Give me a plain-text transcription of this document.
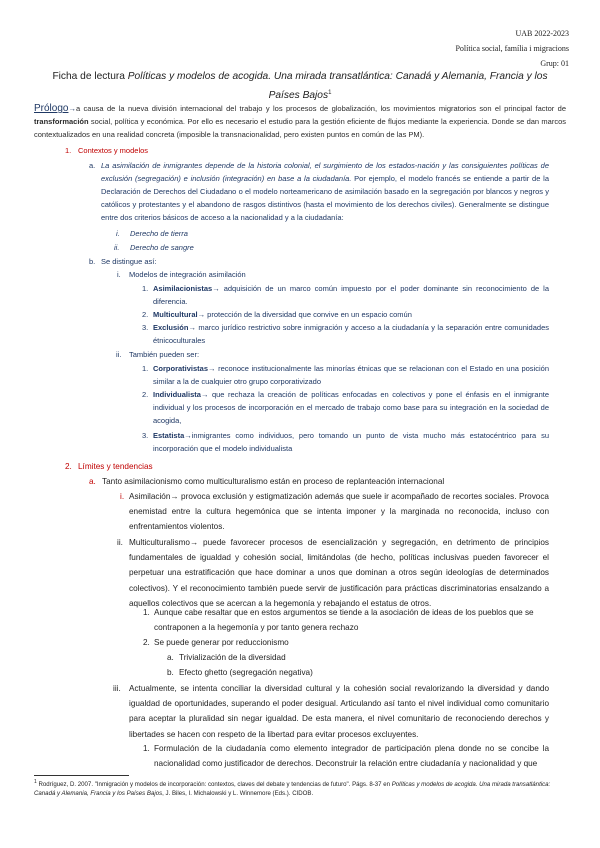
UAB 2022-2023
Política social, família i migracions
Grup: 01
Ficha de lectura Políticas y modelos de acogida. Una mirada transatlántica: Canadá y Alemania, Francia y los Países Bajos$^1$

Prólogo→a causa de la nueva división internacional del trabajo y los procesos de globalización, los movimientos migratorios son el principal factor de transformación social, política y económica. Por ello es necesario el estudio para la gestión eficiente de flujos mediante la experiencia. Donde se dan marcos contextualizados en una realidad concreta (imposible la transnacionalidad, pero existen puntos en común de las PM).

1. Contextos y modelos
a. La asimilación de inmigrantes depende de la historia colonial, el surgimiento de los estados-nación y las consiguientes políticas de exclusión (segregación) e inclusión (integración) en base a la ciudadanía. Por ejemplo, el modelo francés se entiende a partir de la Declaración de Derechos del Ciudadano o el modelo norteamericano de asimilación basado en la segregación por blancos y negros y católicos y protestantes y el abandono de rasgos distintivos (hasta el movimiento de los derechos civiles). Generalmente se distingue entre dos criterios básicos de acceso a la nacionalidad y a la ciudadanía:

i. Derecho de tierra
ii. Derecho de sangre
b. Se distingue así:
i. Modelos de integración asimilación
1. Asimilacionistas→ adquisición de un marco común impuesto por el poder dominante sin reconocimiento de la diferencia.

2. Multicultural→ protección de la diversidad que convive en un espacio común

3. Exclusión→ marco jurídico restrictivo sobre inmigración y acceso a la ciudadanía y la separación entre comunidades étnicoculturales

ii. También pueden ser:
1. Corporativistas→ reconoce institucionalmente las minorías étnicas que se relacionan con el Estado en una posición similar a la de cualquier otro grupo corporativizado

2. Individualista→ que rechaza la creación de políticas enfocadas en colectivos y pone el énfasis en el inmigrante individual y los procesos de incorporación en el mercado de trabajo como base para su integración en la sociedad de acogida,

3. Estatista→inmigrantes como individuos, pero tomando un punto de vista mucho más estatocéntrico para su incorporación que el modelo individualista

2. Límites y tendencias
a. Tanto asimilacionismo como multiculturalismo están en proceso de replanteación internacional
i. Asimilación→ provoca exclusión y estigmatización además que suele ir acompañado de recortes sociales. Provoca enemistad entre la cultura hegemónica que se intenta imponer y la marginada no reconocida, incluso con enfrentamientos violentos.

ii. Multiculturalismo→ puede favorecer procesos de esencialización y segregación, en detrimento de principios fundamentales de igualdad y cohesión social, limitándolas (de hecho, políticas inclusivas pueden favorecer el perpetuar una estratificación que hace dominar a unos que dominan a otros según ideologías de determinados colectivos). Y el reconocimiento también puede servir de justificación para prácticas discriminatorias ensalzando a aquellos colectivos que se acercan a la hegemonía y rebajando el estatus de otros.

1. Aunque cabe resaltar que en estos argumentos se tiende a la asociación de ideas de los pueblos que se contraponen a la hegemonía y por tanto genera rechazo

2. Se puede generar por reduccionismo
a. Trivialización de la diversidad
b. Efecto ghetto (segregación negativa)
iii. Actualmente, se intenta conciliar la diversidad cultural y la cohesión social revalorizando la diversidad y dando igualdad de oportunidades, superando el poder desigual. Articulando así tanto el nivel individual como comunitario para aceptar la pluralidad sin negar igualdad. De esta manera, el nivel comunitario de reconociendo derechos y libertades se hacen con respeto de la libertad para evitar procesos excluyentes.

1. Formulación de la ciudadanía como elemento integrador de participación plena donde no se concibe la nacionalidad como justificador de derechos. Deconstruir la relación entre ciudadanía y nacionalidad y que

$^1$ Rodríguez, D. 2007. "Inmigración y modelos de incorporación: contextos, claves del debate y tendencias de futuro". Págs. 8-37 en Políticas y modelos de acogida. Una mirada transatlántica: Canadá y Alemania, Francia y los Países Bajos, J. Biles, I. Michalowski y L. Winnemore (Eds.). CIDOB.
